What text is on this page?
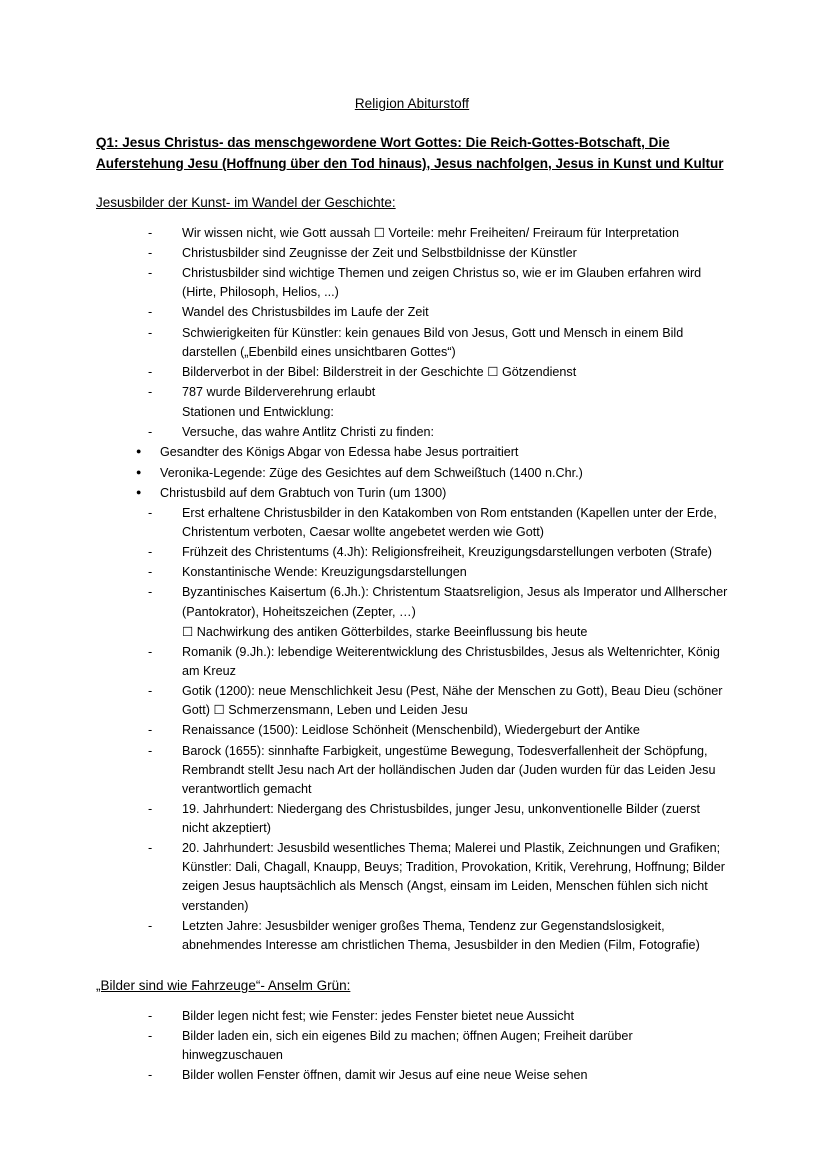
Religion Abiturstoff
Q1: Jesus Christus- das menschgewordene Wort Gottes: Die Reich-Gottes-Botschaft, Die Auferstehung Jesu (Hoffnung über den Tod hinaus), Jesus nachfolgen, Jesus in Kunst und Kultur
Jesusbilder der Kunst- im Wandel der Geschichte:
- Wir wissen nicht, wie Gott aussah ☐ Vorteile: mehr Freiheiten/ Freiraum für Interpretation
- Christusbilder sind Zeugnisse der Zeit und Selbstbildnisse der Künstler
- Christusbilder sind wichtige Themen und zeigen Christus so, wie er im Glauben erfahren wird (Hirte, Philosoph, Helios, ...)
- Wandel des Christusbildes im Laufe der Zeit
- Schwierigkeiten für Künstler: kein genaues Bild von Jesus, Gott und Mensch in einem Bild darstellen („Ebenbild eines unsichtbaren Gottes“)
- Bilderverbot in der Bibel: Bilderstreit in der Geschichte ☐ Götzendienst
- 787 wurde Bilderverehrung erlaubt
Stationen und Entwicklung:
- Versuche, das wahre Antlitz Christi zu finden:
● Gesandter des Königs Abgar von Edessa habe Jesus portraitiert
● Veronika-Legende: Züge des Gesichtes auf dem Schweißtuch (1400 n.Chr.)
● Christusbild auf dem Grabtuch von Turin (um 1300)
- Erst erhaltene Christusbilder in den Katakomben von Rom entstanden (Kapellen unter der Erde, Christentum verboten, Caesar wollte angebetet werden wie Gott)
- Frühzeit des Christentums (4.Jh): Religionsfreiheit, Kreuzigungsdarstellungen verboten (Strafe)
- Konstantinische Wende: Kreuzigungsdarstellungen
- Byzantinisches Kaisertum (6.Jh.): Christentum Staatsreligion, Jesus als Imperator und Allherscher (Pantokrator), Hoheitszeichen (Zepter, …)
☐ Nachwirkung des antiken Götterbildes, starke Beeinflussung bis heute
- Romanik (9.Jh.): lebendige Weiterentwicklung des Christusbildes, Jesus als Weltenrichter, König am Kreuz
- Gotik (1200): neue Menschlichkeit Jesu (Pest, Nähe der Menschen zu Gott), Beau Dieu (schöner Gott) ☐ Schmerzensmann, Leben und Leiden Jesu
- Renaissance (1500): Leidlose Schönheit (Menschenbild), Wiedergeburt der Antike
- Barock (1655): sinnhafte Farbigkeit, ungestüme Bewegung, Todesverfallenheit der Schöpfung, Rembrandt stellt Jesu nach Art der holländischen Juden dar (Juden wurden für das Leiden Jesu verantwortlich gemacht
- 19. Jahrhundert: Niedergang des Christusbildes, junger Jesu, unkonventionelle Bilder (zuerst nicht akzeptiert)
- 20. Jahrhundert: Jesusbild wesentliches Thema; Malerei und Plastik, Zeichnungen und Grafiken; Künstler: Dali, Chagall, Knaupp, Beuys; Tradition, Provokation, Kritik, Verehrung, Hoffnung; Bilder zeigen Jesus hauptsächlich als Mensch (Angst, einsam im Leiden, Menschen fühlen sich nicht verstanden)
- Letzten Jahre: Jesusbilder weniger großes Thema, Tendenz zur Gegenstandslosigkeit, abnehmendes Interesse am christlichen Thema, Jesusbilder in den Medien (Film, Fotografie)
„Bilder sind wie Fahrzeuge“- Anselm Grün:
- Bilder legen nicht fest; wie Fenster: jedes Fenster bietet neue Aussicht
- Bilder laden ein, sich ein eigenes Bild zu machen; öffnen Augen; Freiheit darüber hinwegzuschauen
- Bilder wollen Fenster öffnen, damit wir Jesus auf eine neue Weise sehen
